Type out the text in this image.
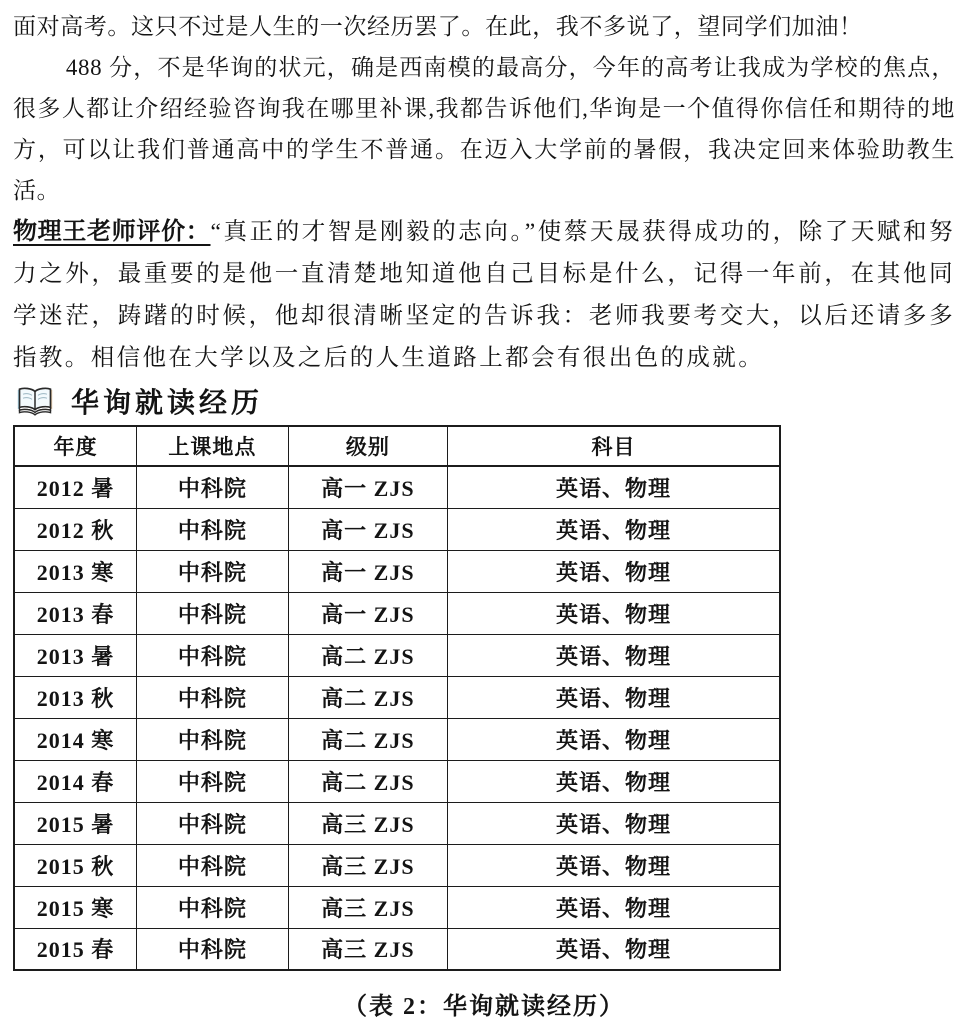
面对高考。这只不过是人生的一次经历罢了。在此，我不多说了，望同学们加油！

488 分，不是华询的状元，确是西南模的最高分，今年的高考让我成为学校的焦点，很多人都让介绍经验咨询我在哪里补课,我都告诉他们,华询是一个值得你信任和期待的地方，可以让我们普通高中的学生不普通。在迈入大学前的暑假，我决定回来体验助教生活。

物理王老师评价：“真正的才智是刚毅的志向。”使蔡天晟获得成功的，除了天赋和努力之外，最重要的是他一直清楚地知道他自己目标是什么，记得一年前，在其他同学迷茫，踌躇的时候，他却很清晰坚定的告诉我：老师我要考交大，以后还请多多指教。相信他在大学以及之后的人生道路上都会有很出色的成就。

华询就读经历
年度	上课地点	级别	科目
2012 暑	中科院	高一 ZJS	英语、物理
2012 秋	中科院	高一 ZJS	英语、物理
2013 寒	中科院	高一 ZJS	英语、物理
2013 春	中科院	高一 ZJS	英语、物理
2013 暑	中科院	高二 ZJS	英语、物理
2013 秋	中科院	高二 ZJS	英语、物理
2014 寒	中科院	高二 ZJS	英语、物理
2014 春	中科院	高二 ZJS	英语、物理
2015 暑	中科院	高三 ZJS	英语、物理
2015 秋	中科院	高三 ZJS	英语、物理
2015 寒	中科院	高三 ZJS	英语、物理
2015 春	中科院	高三 ZJS	英语、物理
（表 2：华询就读经历）
